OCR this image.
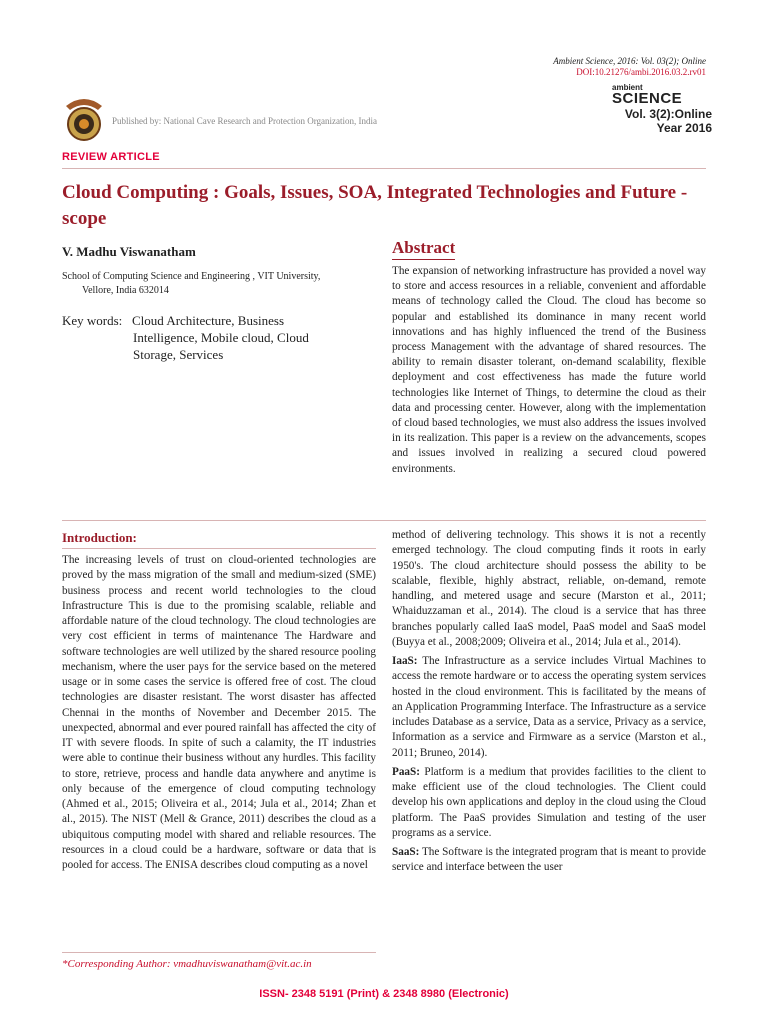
Ambient Science, 2016: Vol. 03(2); Online
DOI:10.21276/ambi.2016.03.2.rv01
ambient
SCIENCE
Vol. 3(2):Online
Year 2016
Published by: National Cave Research and Protection Organization, India
REVIEW ARTICLE
Cloud Computing : Goals, Issues, SOA, Integrated Technologies and Future -scope
V. Madhu Viswanatham
School of Computing Science and Engineering , VIT University,
Vellore, India 632014
Key words: Cloud Architecture, Business
Intelligence, Mobile cloud, Cloud
Storage, Services
Abstract
The expansion of networking infrastructure has provided a novel way to store and access resources in a reliable, convenient and affordable means of technology called the Cloud. The cloud has become so popular and established its dominance in many recent world innovations and has highly influenced the trend of the Business process Management with the advantage of shared resources. The ability to remain disaster tolerant, on-demand scalability, flexible deployment and cost effectiveness has made the future world technologies like Internet of Things, to determine the cloud as their data and processing center. However, along with the implementation of cloud based technologies, we must also address the issues involved in its realization. This paper is a review on the advancements, scopes and issues involved in realizing a secured cloud powered environments.
Introduction:
The increasing levels of trust on cloud-oriented technologies are proved by the mass migration of the small and medium-sized (SME) business process and recent world technologies to the cloud Infrastructure This is due to the promising scalable, reliable and affordable nature of the cloud technology. The cloud technologies are very cost efficient in terms of maintenance The Hardware and software technologies are well utilized by the shared resource pooling mechanism, where the user pays for the service based on the metered usage or in some cases the service is offered free of cost. The cloud technologies are disaster resistant. The worst disaster has affected Chennai in the months of November and December 2015. The unexpected, abnormal and ever poured rainfall has affected the city of IT with severe floods. In spite of such a calamity, the IT industries were able to continue their business without any hurdles. This facility to store, retrieve, process and handle data anywhere and anytime is only because of the emergence of cloud computing technology (Ahmed et al., 2015; Oliveira et al., 2014; Jula et al., 2014; Zhan et al., 2015). The NIST (Mell & Grance, 2011) describes the cloud as a ubiquitous computing model with shared and reliable resources. The resources in a cloud could be a hardware, software or data that is pooled for access. The ENISA describes cloud computing as a novel

method of delivering technology. This shows it is not a recently emerged technology. The cloud computing finds it roots in early 1950's. The cloud architecture should possess the ability to be scalable, flexible, highly abstract, reliable, on-demand, remote handling, and metered usage and secure (Marston et al., 2011; Whaiduzzaman et al., 2014). The cloud is a service that has three branches popularly called IaaS model, PaaS model and SaaS model (Buyya et al., 2008;2009; Oliveira et al., 2014; Jula et al., 2014).

IaaS: The Infrastructure as a service includes Virtual Machines to access the remote hardware or to access the operating system services hosted in the cloud environment. This is facilitated by the means of an Application Programming Interface. The Infrastructure as a service includes Database as a service, Data as a service, Privacy as a service, Information as a service and Firmware as a service (Marston et al., 2011; Bruneo, 2014).

PaaS: Platform is a medium that provides facilities to the client to make efficient use of the cloud technologies. The Client could develop his own applications and deploy in the cloud using the Cloud platform. The PaaS provides Simulation and testing of the user programs as a service.

SaaS: The Software is the integrated program that is meant to provide service and interface between the user

*Corresponding Author: vmadhuviswanatham@vit.ac.in
ISSN- 2348 5191 (Print) & 2348 8980 (Electronic)
